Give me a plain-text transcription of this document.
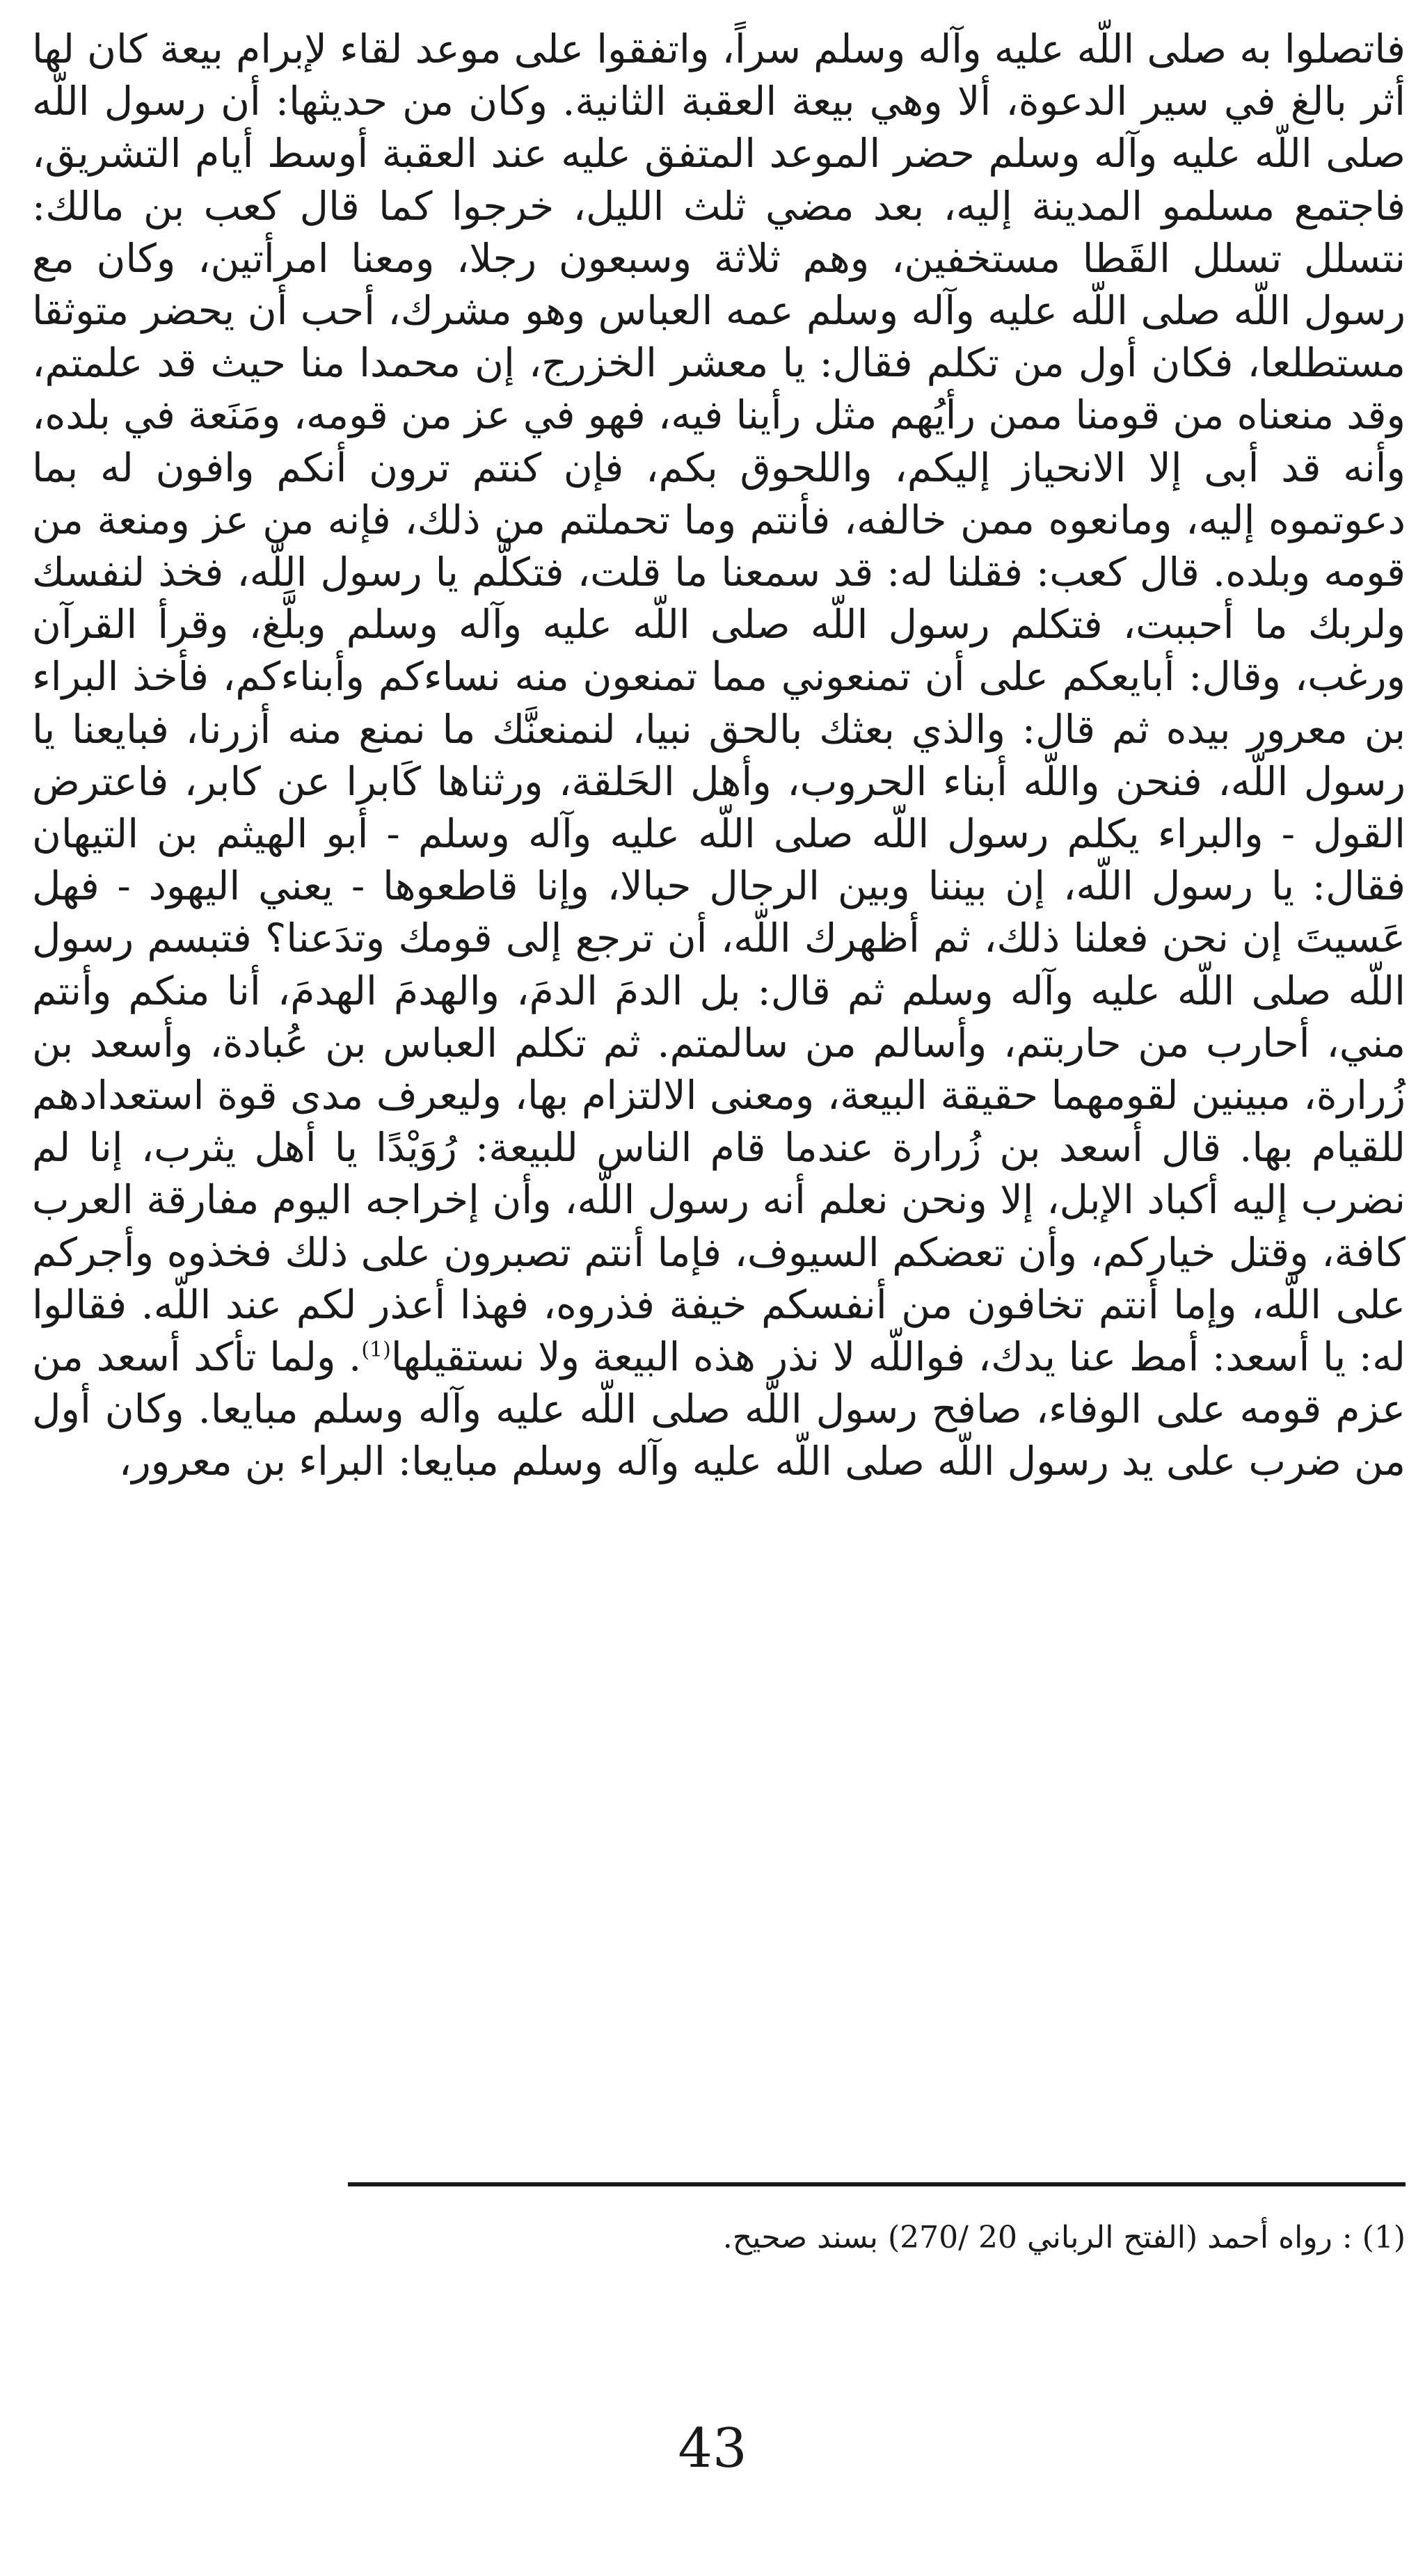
فاتصلوا به صلى اللّه عليه وآله وسلم سراً، واتفقوا على موعد لقاء لإبرام بيعة كان لها أثر بالغ في سير الدعوة، ألا وهي بيعة العقبة الثانية. وكان من حديثها: أن رسول اللّه صلى اللّه عليه وآله وسلم حضر الموعد المتفق عليه عند العقبة أوسط أيام التشريق، فاجتمع مسلمو المدينة إليه، بعد مضي ثلث الليل، خرجوا كما قال كعب بن مالك: نتسلل تسلل القَطا مستخفين، وهم ثلاثة وسبعون رجلا، ومعنا امرأتين، وكان مع رسول اللّه صلى اللّه عليه وآله وسلم عمه العباس وهو مشرك، أحب أن يحضر متوثقا مستطلعا، فكان أول من تكلم فقال: يا معشر الخزرج، إن محمدا منا حيث قد علمتم، وقد منعناه من قومنا ممن رأيُهم مثل رأينا فيه، فهو في عز من قومه، ومَنَعة في بلده، وأنه قد أبى إلا الانحياز إليكم، واللحوق بكم، فإن كنتم ترون أنكم وافون له بما دعوتموه إليه، ومانعوه ممن خالفه، فأنتم وما تحملتم من ذلك، فإنه من عز ومنعة من قومه وبلده. قال كعب: فقلنا له: قد سمعنا ما قلت، فتكلَّم يا رسول اللّه، فخذ لنفسك ولربك ما أحببت، فتكلم رسول اللّه صلى اللّه عليه وآله وسلم وبلَّغ، وقرأ القرآن ورغب، وقال: أبايعكم على أن تمنعوني مما تمنعون منه نساءكم وأبناءكم، فأخذ البراء بن معرور بيده ثم قال: والذي بعثك بالحق نبيا، لنمنعنَّك ما نمنع منه أزرنا، فبايعنا يا رسول اللّه، فنحن واللّه أبناء الحروب، وأهل الحَلقة، ورثناها كَابرا عن كابر، فاعترض القول - والبراء يكلم رسول اللّه صلى اللّه عليه وآله وسلم - أبو الهيثم بن التيهان فقال: يا رسول اللّه، إن بيننا وبين الرجال حبالا، وإنا قاطعوها - يعني اليهود - فهل عَسيتَ إن نحن فعلنا ذلك، ثم أظهرك اللّه، أن ترجع إلى قومك وتدَعنا؟ فتبسم رسول اللّه صلى اللّه عليه وآله وسلم ثم قال: بل الدمَ الدمَ، والهدمَ الهدمَ، أنا منكم وأنتم مني، أحارب من حاربتم، وأسالم من سالمتم. ثم تكلم العباس بن عُبادة، وأسعد بن زُرارة، مبينين لقومهما حقيقة البيعة، ومعنى الالتزام بها، وليعرف مدى قوة استعدادهم للقيام بها. قال أسعد بن زُرارة عندما قام الناس للبيعة: رُوَيْدًا يا أهل يثرب، إنا لم نضرب إليه أكباد الإبل، إلا ونحن نعلم أنه رسول اللّه، وأن إخراجه اليوم مفارقة العرب كافة، وقتل خياركم، وأن تعضكم السيوف، فإما أنتم تصبرون على ذلك فخذوه وأجركم على اللّه، وإما أنتم تخافون من أنفسكم خيفة فذروه، فهذا أعذر لكم عند اللّه. فقالوا له: يا أسعد: أمط عنا يدك، فواللّه لا نذر هذه البيعة ولا نستقيلها$^{(1)}$. ولما تأكد أسعد من عزم قومه على الوفاء، صافح رسول اللّه صلى اللّه عليه وآله وسلم مبايعا. وكان أول من ضرب على يد رسول اللّه صلى اللّه عليه وآله وسلم مبايعا: البراء بن معرور،

(1) : رواه أحمد (الفتح الرباني 20 /270) بسند صحيح.
43
